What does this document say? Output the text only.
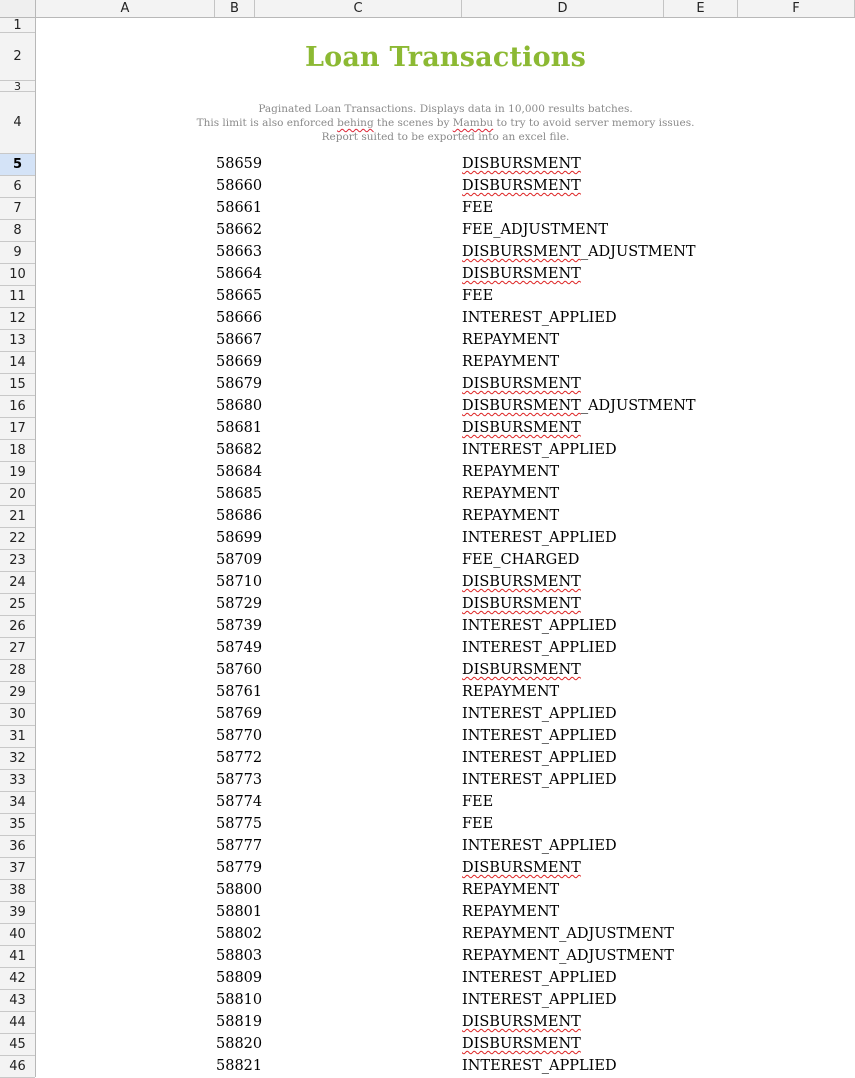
A	B	C	D	E	F
1
2
3
4
5
6
7
8
9
10
11
12
13
14
15
16
17
18
19
20
21
22
23
24
25
26
27
28
29
30
31
32
33
34
35
36
37
38
39
40
41
42
43
44
45
46
Loan Transactions
Paginated Loan Transactions. Displays data in 10,000 results batches.
This limit is also enforced behing the scenes by Mambu to try to avoid server memory issues.
Report suited to be exported into an excel file.
58659	DISBURSMENT
58660	DISBURSMENT
58661	FEE
58662	FEE_ADJUSTMENT
58663	DISBURSMENT_ADJUSTMENT
58664	DISBURSMENT
58665	FEE
58666	INTEREST_APPLIED
58667	REPAYMENT
58669	REPAYMENT
58679	DISBURSMENT
58680	DISBURSMENT_ADJUSTMENT
58681	DISBURSMENT
58682	INTEREST_APPLIED
58684	REPAYMENT
58685	REPAYMENT
58686	REPAYMENT
58699	INTEREST_APPLIED
58709	FEE_CHARGED
58710	DISBURSMENT
58729	DISBURSMENT
58739	INTEREST_APPLIED
58749	INTEREST_APPLIED
58760	DISBURSMENT
58761	REPAYMENT
58769	INTEREST_APPLIED
58770	INTEREST_APPLIED
58772	INTEREST_APPLIED
58773	INTEREST_APPLIED
58774	FEE
58775	FEE
58777	INTEREST_APPLIED
58779	DISBURSMENT
58800	REPAYMENT
58801	REPAYMENT
58802	REPAYMENT_ADJUSTMENT
58803	REPAYMENT_ADJUSTMENT
58809	INTEREST_APPLIED
58810	INTEREST_APPLIED
58819	DISBURSMENT
58820	DISBURSMENT
58821	INTEREST_APPLIED
